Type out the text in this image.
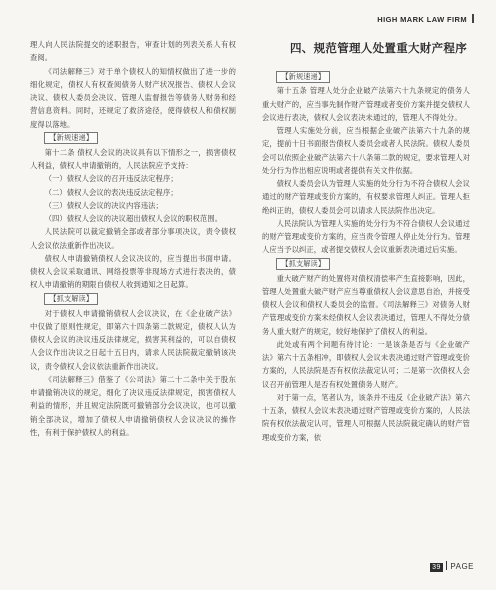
HIGH MARK LAW FIRM

理人向人民法院提交的述职报告，审查计划的列表关系人有权查阅。

《司法解释三》对于单个债权人的知情权做出了进一步的细化规定，债权人有权查阅债务人财产状况报告、债权人会议决议、债权人委员会决议、管理人监督报告等债务人财务和经营信息资料。同时，还规定了救济途径，使得债权人和债权制度得以落地。

【新规速递】

第十二条 债权人会议的决议具有以下情形之一，损害债权人利益，债权人申请撤销的，人民法院应予支持：

（一）债权人会议的召开违反法定程序；

（二）债权人会议的表决违反法定程序；

（三）债权人会议的决议内容违法；

（四）债权人会议的决议超出债权人会议的职权范围。

人民法院可以裁定撤销全部或者部分事项决议，责令债权人会议依法重新作出决议。

债权人申请撤销债权人会议决议的，应当提出书面申请。债权人会议采取通讯、网络投票等非现场方式进行表决的，债权人申请撤销的期限自债权人收到通知之日起算。

【抓支解读】

对于债权人申请撤销债权人会议决议，在《企业破产法》中仅做了原则性规定，即第六十四条第二款规定，债权人认为债权人会议的决议违反法律规定，损害其利益的，可以自债权人会议作出决议之日起十五日内，请求人民法院裁定撤销该决议，责令债权人会议依法重新作出决议。

《司法解释三》借鉴了《公司法》第二十二条中关于股东申请撤销决议的规定，细化了决议违反法律规定，损害债权人利益的情形，并且规定法院既可撤销部分会议决议，也可以撤销全部决议，增加了债权人申请撤销债权人会议决议的操作性，有利于保护债权人的利益。

四、规范管理人处置重大财产程序
【新规速递】

第十五条 管理人处分企业破产法第六十九条规定的债务人重大财产的，应当事先制作财产管理或者变价方案并提交债权人会议进行表决，债权人会议表决未通过的，管理人不得处分。

管理人实施处分前，应当根据企业破产法第六十九条的规定，提前十日书面报告债权人委员会或者人民法院。债权人委员会可以依照企业破产法第六十八条第二款的规定，要求管理人对处分行为作出相应说明或者提供有关文件依据。

债权人委员会认为管理人实施的处分行为不符合债权人会议通过的财产管理或变价方案的，有权要求管理人纠正。管理人拒绝纠正的，债权人委员会可以请求人民法院作出决定。

人民法院认为管理人实施的处分行为不符合债权人会议通过的财产管理或变价方案的，应当责令管理人停止处分行为。管理人应当予以纠正，或者提交债权人会议重新表决通过后实施。

【抓支解读】

重大破产财产的处置将对债权清偿率产生直接影响，因此，管理人处置重大破产财产应当尊重债权人会议意思自治，并接受债权人会议和债权人委员会的监督。《司法解释三》对债务人财产管理或变价方案未经债权人会议表决通过，管理人不得处分债务人重大财产的规定，较好地保护了债权人的利益。

此处或有两个问题有待讨论：一是该条是否与《企业破产法》第六十五条相冲，即债权人会议未表决通过财产管理或变价方案的，人民法院是否有权依法裁定认可；二是第一次债权人会议召开前管理人是否有权处置债务人财产。

对于第一点，笔者认为，该条并不违反《企业破产法》第六十五条，债权人会议未表决通过财产管理或变价方案的，人民法院有权依法裁定认可，管理人可根据人民法院裁定确认的财产管理或变价方案，依

39 PAGE
